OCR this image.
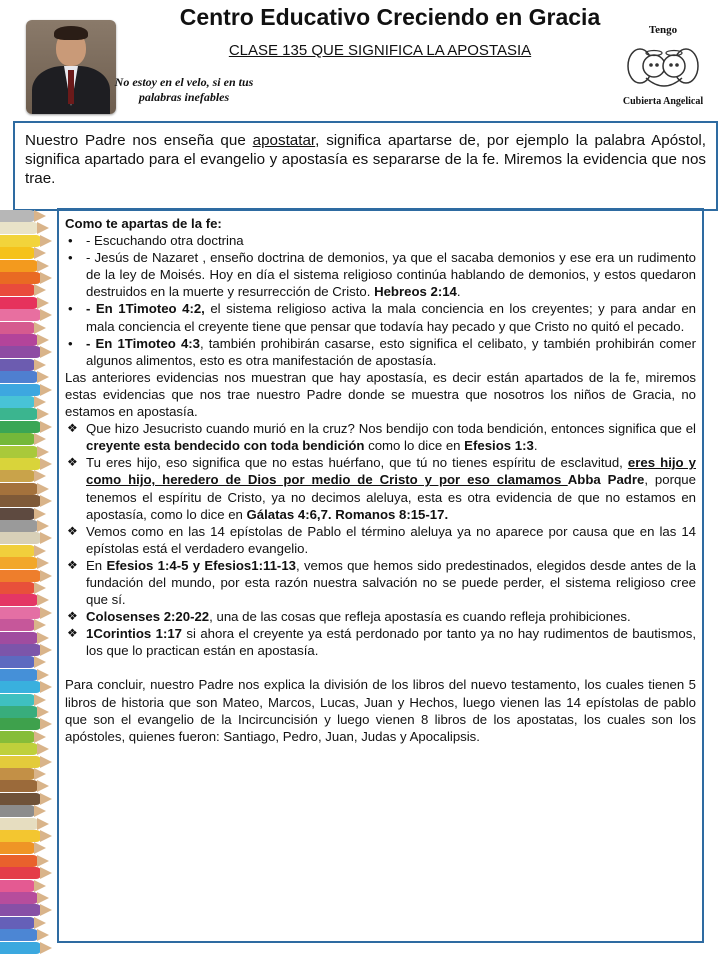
Centro Educativo Creciendo en Gracia

CLASE 135 QUE SIGNIFICA LA APOSTASIA

No estoy en el velo, si en tus palabras inefables

Tengo
Cubierta Angelical

Nuestro Padre nos enseña que apostatar, significa apartarse de, por ejemplo la palabra Apóstol, significa apartado para el evangelio y apostasía es separarse de la fe. Miremos la evidencia que nos trae.

Como te apartas de la fe:

• - Escuchando otra doctrina

• - Jesús de Nazaret , enseño doctrina de demonios, ya que el sacaba demonios y ese era un rudimento de la ley de Moisés. Hoy en día el sistema religioso continúa hablando de demonios, y estos quedaron destruidos en la muerte y resurrección de Cristo. Hebreos 2:14.

• - En 1Timoteo 4:2, el sistema religioso activa la mala conciencia en los creyentes; y para andar en mala conciencia el creyente tiene que pensar que todavía hay pecado y que Cristo no quitó el pecado.

• - En 1Timoteo 4:3, también prohibirán casarse, esto significa el celibato, y también prohibirán comer algunos alimentos, esto es otra manifestación de apostasía.

Las anteriores evidencias nos muestran que hay apostasía, es decir están apartados de la fe, miremos estas evidencias que nos trae nuestro Padre donde se muestra que nosotros los niños de Gracia, no estamos en apostasía.

❖ Que hizo Jesucristo cuando murió en la cruz? Nos bendijo con toda bendición, entonces significa que el creyente esta bendecido con toda bendición como lo dice en Efesios 1:3.

❖ Tu eres hijo, eso significa que no estas huérfano, que tú no tienes espíritu de esclavitud, eres hijo y como hijo, heredero de Dios por medio de Cristo y por eso clamamos Abba Padre, porque tenemos el espíritu de Cristo, ya no decimos aleluya, esta es otra evidencia de que no estamos en apostasía, como lo dice en Gálatas 4:6,7. Romanos 8:15-17.

❖ Vemos como en las 14 epístolas de Pablo el término aleluya ya no aparece por causa que en las 14 epístolas está el verdadero evangelio.

❖ En Efesios 1:4-5 y Efesios1:11-13, vemos que hemos sido predestinados, elegidos desde antes de la fundación del mundo, por esta razón nuestra salvación no se puede perder, el sistema religioso cree que sí.

❖ Colosenses 2:20-22, una de las cosas que refleja apostasía es cuando refleja prohibiciones.

❖ 1Corintios 1:17 si ahora el creyente ya está perdonado por tanto ya no hay rudimentos de bautismos, los que lo practican están en apostasía.

Para concluir, nuestro Padre nos explica la división de los libros del nuevo testamento, los cuales tienen 5 libros de historia que son Mateo, Marcos, Lucas, Juan y Hechos, luego vienen las 14 epístolas de pablo que son el evangelio de la Incircuncisión y luego vienen 8 libros de los apostatas, los cuales son los apóstoles, quienes fueron: Santiago, Pedro, Juan, Judas y Apocalipsis.
